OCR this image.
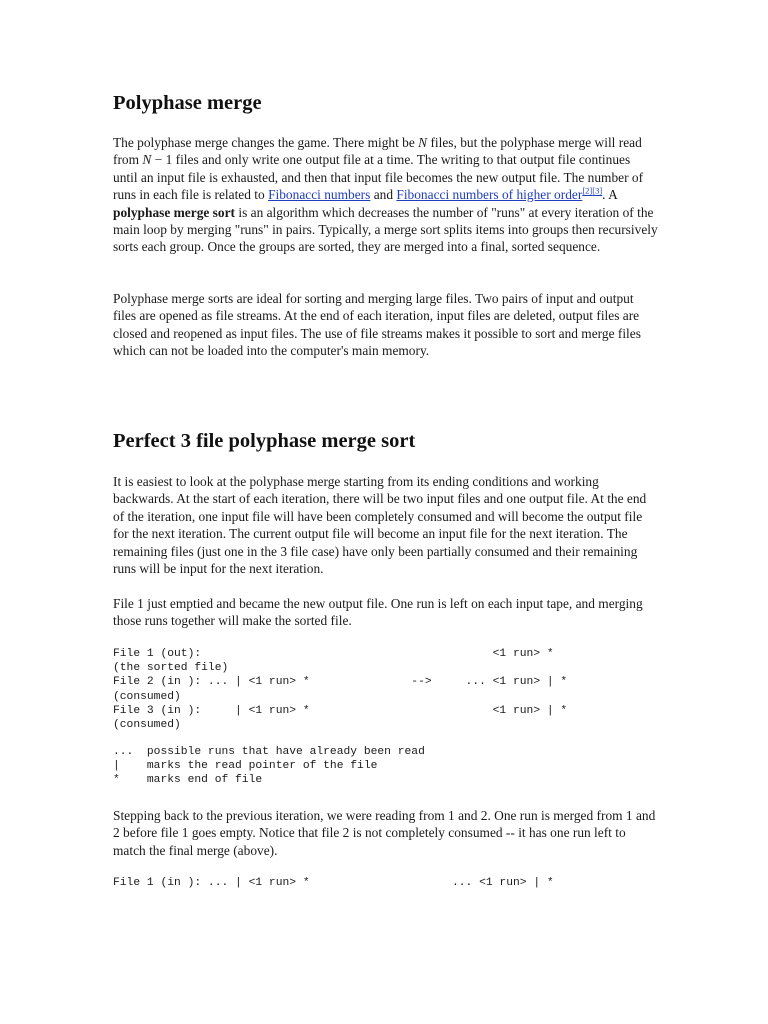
Polyphase merge

The polyphase merge changes the game. There might be N files, but the polyphase merge will read from N − 1 files and only write one output file at a time. The writing to that output file continues until an input file is exhausted, and then that input file becomes the new output file. The number of runs in each file is related to Fibonacci numbers and Fibonacci numbers of higher order[2][3]. A polyphase merge sort is an algorithm which decreases the number of "runs" at every iteration of the main loop by merging "runs" in pairs. Typically, a merge sort splits items into groups then recursively sorts each group. Once the groups are sorted, they are merged into a final, sorted sequence.

Polyphase merge sorts are ideal for sorting and merging large files. Two pairs of input and output files are opened as file streams. At the end of each iteration, input files are deleted, output files are closed and reopened as input files. The use of file streams makes it possible to sort and merge files which can not be loaded into the computer's main memory.

Perfect 3 file polyphase merge sort

It is easiest to look at the polyphase merge starting from its ending conditions and working backwards. At the start of each iteration, there will be two input files and one output file. At the end of the iteration, one input file will have been completely consumed and will become the output file for the next iteration. The current output file will become an input file for the next iteration. The remaining files (just one in the 3 file case) have only been partially consumed and their remaining runs will be input for the next iteration.

File 1 just emptied and became the new output file. One run is left on each input tape, and merging those runs together will make the sorted file.

File 1 (out):                                           <1 run> *
(the sorted file)
File 2 (in ): ... | <1 run> *               -->     ... <1 run> | *
(consumed)
File 3 (in ):     | <1 run> *                           <1 run> | *
(consumed)
...  possible runs that have already been read
|    marks the read pointer of the file
*    marks end of file

Stepping back to the previous iteration, we were reading from 1 and 2. One run is merged from 1 and 2 before file 1 goes empty. Notice that file 2 is not completely consumed -- it has one run left to match the final merge (above).

File 1 (in ): ... | <1 run> *                     ... <1 run> | *
